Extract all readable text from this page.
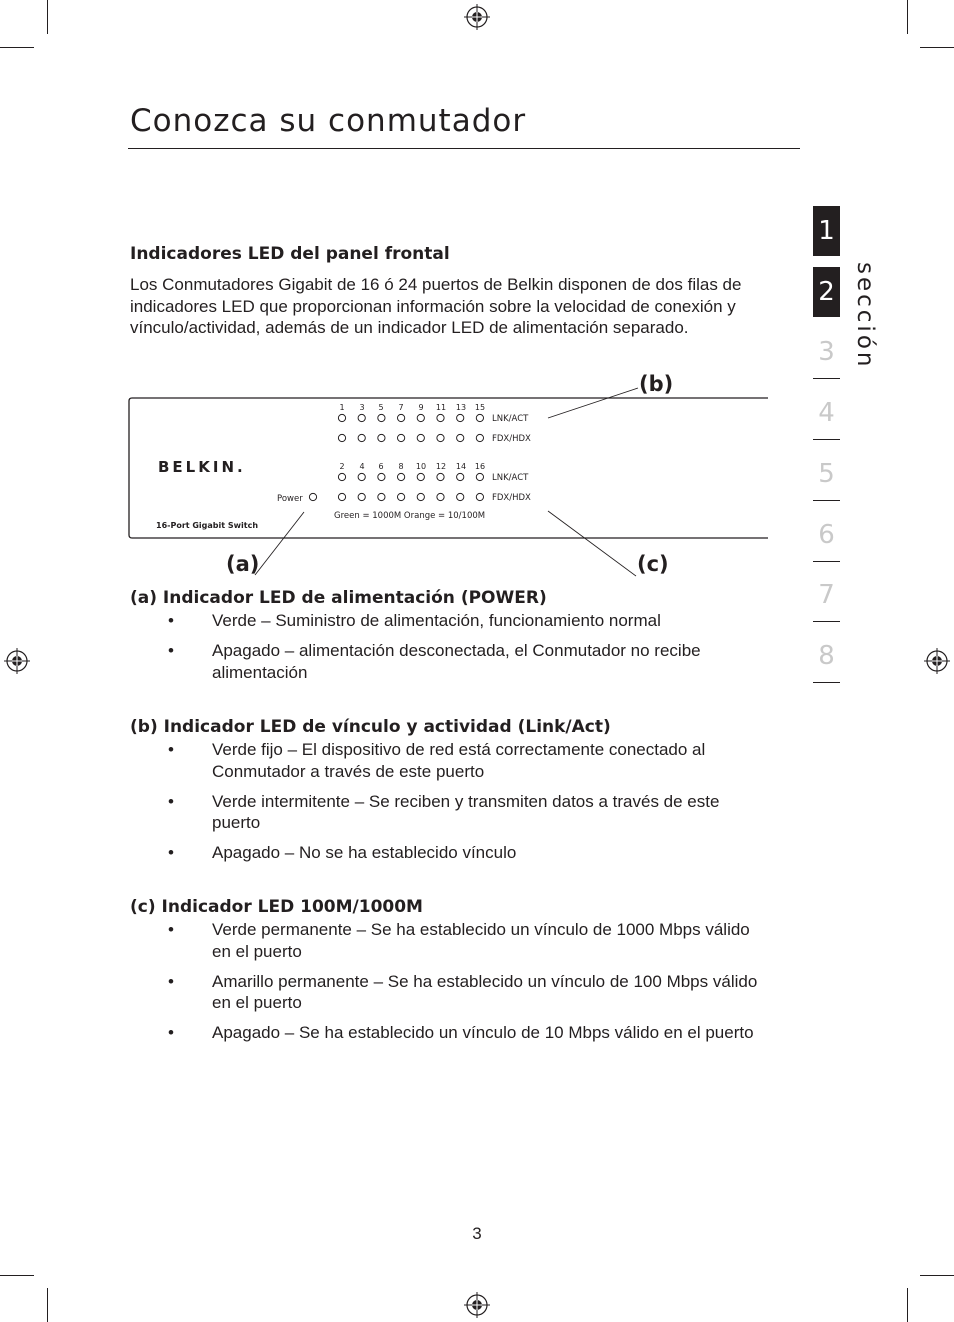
Conozca su conmutador
1
2
3
4
5
6
7
8
sección
Indicadores LED del panel frontal

Los Conmutadores Gigabit de 16 ó 24 puertos de Belkin disponen de dos filas de indicadores LED que proporcionan información sobre la velocidad de conexión y vínculo/actividad, además de un indicador LED de alimentación separado.

BELKIN.
16-Port Gigabit Switch
Power
1 3 5 7 9 11 13 15
2 4 6 8 10 12 14 16
LNK/ACT
FDX/HDX
LNK/ACT
FDX/HDX
Green = 1000M Orange = 10/100M
(b)
(a)	(c)
(a) Indicador LED de alimentación (POWER)
• Verde – Suministro de alimentación, funcionamiento normal
• Apagado – alimentación desconectada, el Conmutador no recibe alimentación
(b) Indicador LED de vínculo y actividad (Link/Act)
• Verde fijo – El dispositivo de red está correctamente conectado al Conmutador a través de este puerto
• Verde intermitente – Se reciben y transmiten datos a través de este puerto
• Apagado – No se ha establecido vínculo
(c) Indicador LED 100M/1000M
• Verde permanente – Se ha establecido un vínculo de 1000 Mbps válido en el puerto
• Amarillo permanente – Se ha establecido un vínculo de 100 Mbps válido en el puerto
• Apagado – Se ha establecido un vínculo de 10 Mbps válido en el puerto
3
